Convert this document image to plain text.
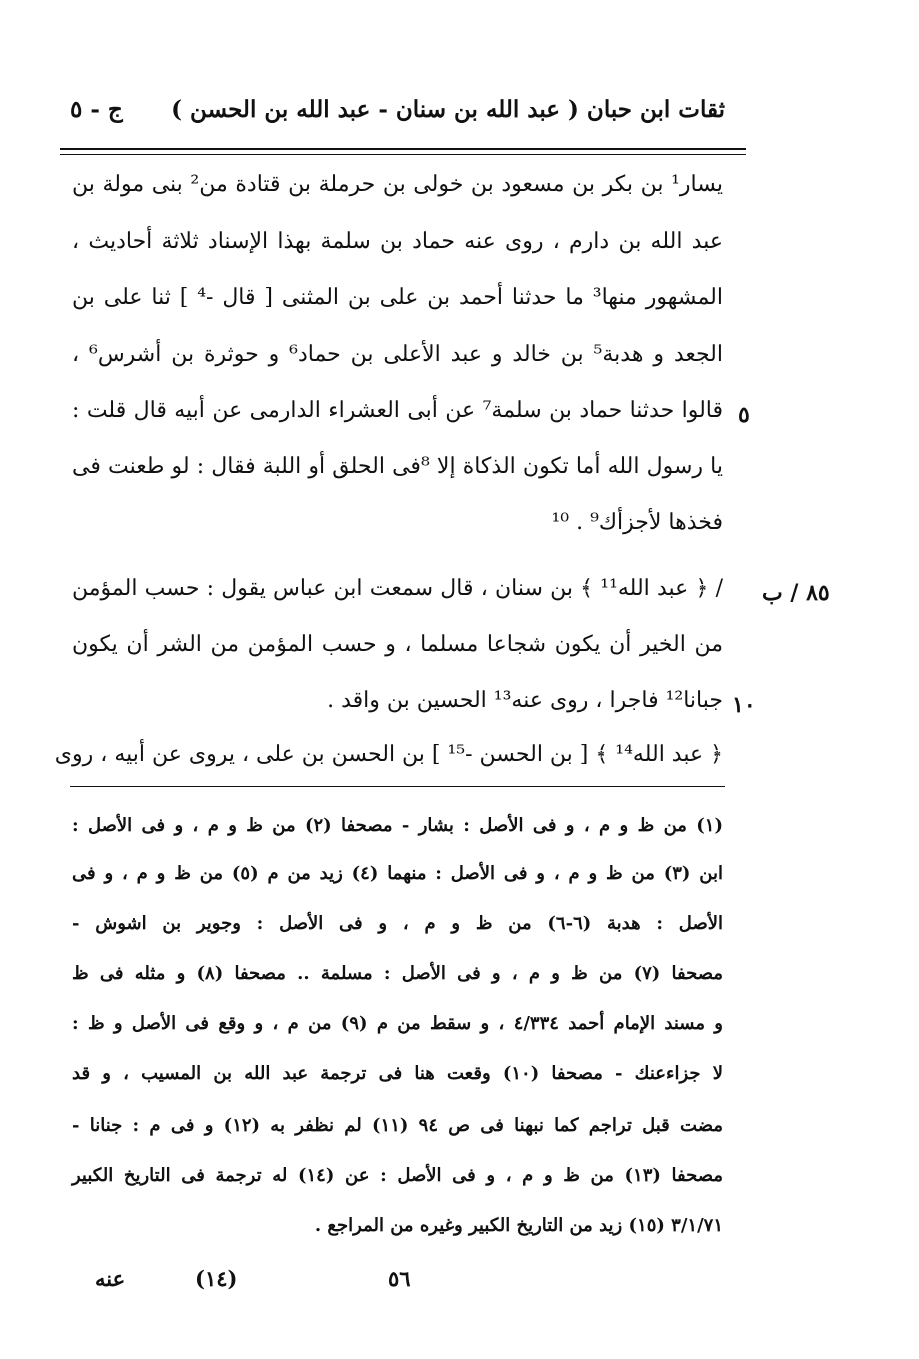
ثقات ابن حبان ( عبد الله بن سنان - عبد الله بن الحسن )
ج - ٥
يسار¹ بن بكر بن مسعود بن خولى بن حرملة بن قتادة من² بنى مولة بن
عبد الله بن دارم ، روى عنه حماد بن سلمة بهذا الإسناد ثلاثة أحاديث ،
المشهور منها³ ما حدثنا أحمد بن على بن المثنى [ قال -⁴ ] ثنا على بن
الجعد و هدبة⁵ بن خالد و عبد الأعلى بن حماد⁶ و حوثرة بن أشرس⁶ ،
قالوا حدثنا حماد بن سلمة⁷ عن أبى العشراء الدارمى عن أبيه قال قلت :
يا رسول الله أما تكون الذكاة إلا ⁸فى الحلق أو اللبة فقال : لو طعنت فى
فخذها لأجزأك⁹ . ¹⁰
/ ﴿ عبد الله¹¹ ﴾ بن سنان ، قال سمعت ابن عباس يقول : حسب المؤمن
من الخير أن يكون شجاعا مسلما ، و حسب المؤمن من الشر أن يكون
جبانا¹² فاجرا ، روى عنه¹³ الحسين بن واقد .
﴿ عبد الله¹⁴ ﴾ [ بن الحسن -¹⁵ ] بن الحسن بن على ، يروى عن أبيه ، روى
٥
٨٥ / ب
١٠
(١) من ظ و م ، و فى الأصل : بشار - مصحفا (٢) من ظ و م ، و فى الأصل :
ابن (٣) من ظ و م ، و فى الأصل : منهما (٤) زيد من م (٥) من ظ و م ، و فى
الأصل : هدبة (٦-٦) من ظ و م ، و فى الأصل : وجوير بن اشوش -
مصحفا (٧) من ظ و م ، و فى الأصل : مسلمة .. مصحفا (٨) و مثله فى ظ
و مسند الإمام أحمد ٤/٣٣٤ ، و سقط من م (٩) من م ، و وقع فى الأصل و ظ :
لا جزاءعنك - مصحفا (١٠) وقعت هنا فى ترجمة عبد الله بن المسيب ، و قد
مضت قبل تراجم كما نبهنا فى ص ٩٤ (١١) لم نظفر به (١٢) و فى م : جنانا -
مصحفا (١٣) من ظ و م ، و فى الأصل : عن (١٤) له ترجمة فى التاريخ الكبير
٣/١/٧١ (١٥) زيد من التاريخ الكبير وغيره من المراجع .
عنه	(١٤)	٥٦
